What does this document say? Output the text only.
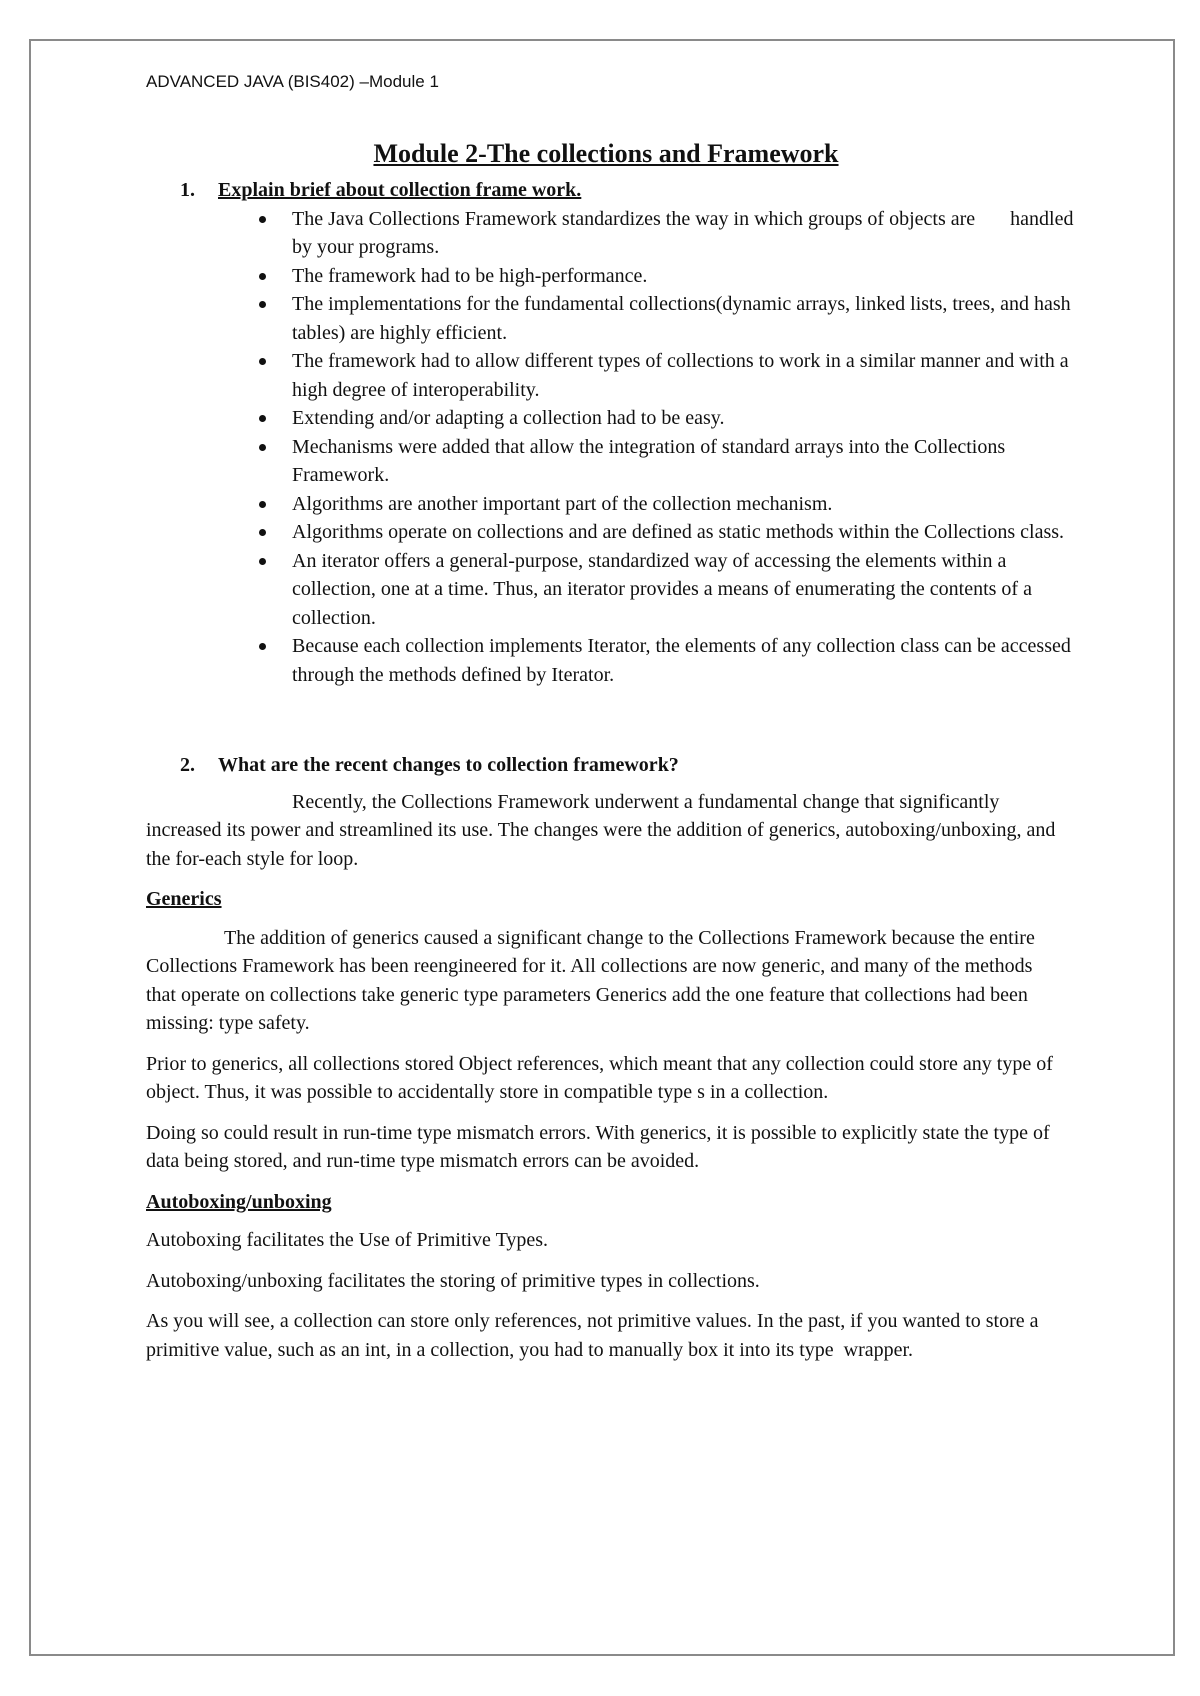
ADVANCED JAVA (BIS402) –Module 1
Module 2-The collections and Framework
1.	Explain brief about collection frame work.
The Java Collections Framework standardizes the way in which groups of objects are       handled by your programs.
The framework had to be high-performance.
The implementations for the fundamental collections(dynamic arrays, linked lists, trees, and hash tables) are highly efficient.
The framework had to allow different types of collections to work in a similar manner and with a high degree of interoperability.
Extending and/or adapting a collection had to be easy.
Mechanisms were added that allow the integration of standard arrays into the Collections Framework.
Algorithms are another important part of the collection mechanism.
Algorithms operate on collections and are defined as static methods within the Collections class.
An iterator offers a general-purpose, standardized way of accessing the elements within a collection, one at a time. Thus, an iterator provides a means of enumerating the contents of a collection.
Because each collection implements Iterator, the elements of any collection class can be accessed through the methods defined by Iterator.
2.	What are the recent changes to collection framework?

Recently, the Collections Framework underwent a fundamental change that significantly increased its power and streamlined its use. The changes were the addition of generics, autoboxing/unboxing, and the for-each style for loop.

Generics

The addition of generics caused a significant change to the Collections Framework because the entire Collections Framework has been reengineered for it. All collections are now generic, and many of the methods that operate on collections take generic type parameters Generics add the one feature that collections had been missing: type safety.

Prior to generics, all collections stored Object references, which meant that any collection could store any type of object. Thus, it was possible to accidentally store in compatible type s in a collection.

Doing so could result in run-time type mismatch errors. With generics, it is possible to explicitly state the type of data being stored, and run-time type mismatch errors can be avoided.

Autoboxing/unboxing

Autoboxing facilitates the Use of Primitive Types.

Autoboxing/unboxing facilitates the storing of primitive types in collections.

As you will see, a collection can store only references, not primitive values. In the past, if you wanted to store a primitive value, such as an int, in a collection, you had to manually box it into its type  wrapper.
